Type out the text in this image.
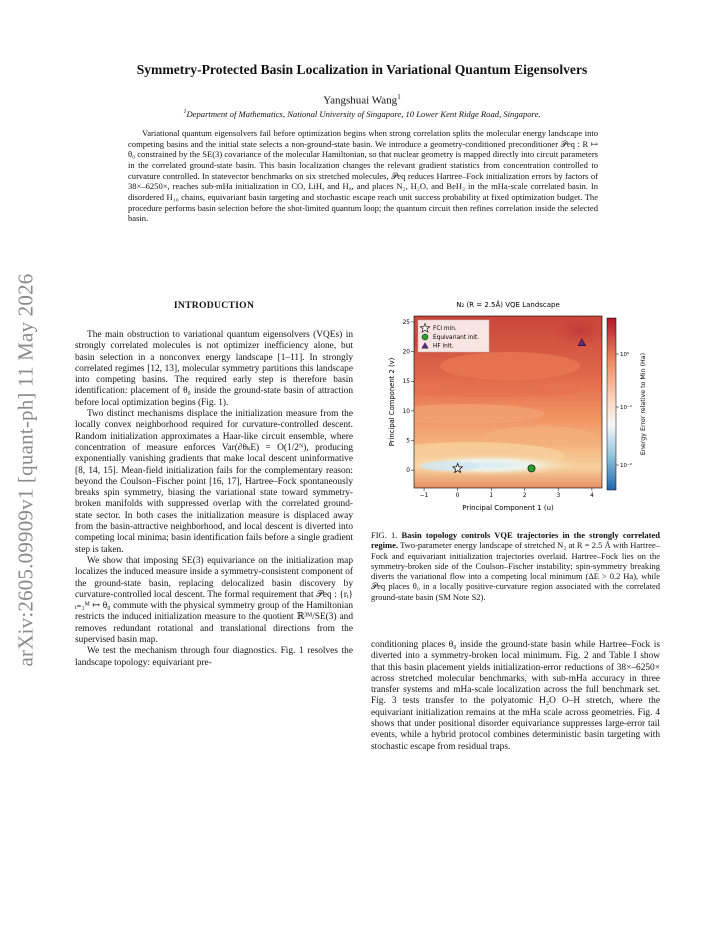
arXiv:2605.09909v1 [quant-ph] 11 May 2026
Symmetry-Protected Basin Localization in Variational Quantum Eigensolvers
Yangshuai Wang$^1$
$^1$Department of Mathematics, National University of Singapore, 10 Lower Kent Ridge Road, Singapore.

Variational quantum eigensolvers fail before optimization begins when strong correlation splits the molecular energy landscape into competing basins and the initial state selects a non-ground-state basin. We introduce a geometry-conditioned preconditioner 𝒫eq : R ↦ θ₀ constrained by the SE(3) covariance of the molecular Hamiltonian, so that nuclear geometry is mapped directly into circuit parameters in the correlated ground-state basin. This basin localization changes the relevant gradient statistics from concentration controlled to curvature controlled. In statevector benchmarks on six stretched molecules, 𝒫eq reduces Hartree–Fock initialization errors by factors of 38×–6250×, reaches sub-mHa initialization in CO, LiH, and H₈, and places N₂, H₂O, and BeH₂ in the mHa-scale correlated basin. In disordered H₁₀ chains, equivariant basin targeting and stochastic escape reach unit success probability at fixed optimization budget. The procedure performs basin selection before the shot-limited quantum loop; the quantum circuit then refines correlation inside the selected basin.

INTRODUCTION

The main obstruction to variational quantum eigensolvers (VQEs) in strongly correlated molecules is not optimizer inefficiency alone, but basin selection in a nonconvex energy landscape [1–11]. In strongly correlated regimes [12, 13], molecular symmetry partitions this landscape into competing basins. The required early step is therefore basin identification: placement of θ₀ inside the ground-state basin of attraction before local optimization begins (Fig. 1).

Two distinct mechanisms displace the initialization measure from the locally convex neighborhood required for curvature-controlled descent. Random initialization approximates a Haar-like circuit ensemble, where concentration of measure enforces Var(∂θₖE) = O(1/2ᴺ), producing exponentially vanishing gradients that make local descent uninformative [8, 14, 15]. Mean-field initialization fails for the complementary reason: beyond the Coulson–Fischer point [16, 17], Hartree–Fock spontaneously breaks spin symmetry, biasing the variational state toward symmetry-broken manifolds with suppressed overlap with the correlated ground-state sector. In both cases the initialization measure is displaced away from the basin-attractive neighborhood, and local descent is diverted into competing local minima; basin identification fails before a single gradient step is taken.

We show that imposing SE(3) equivariance on the initialization map localizes the induced measure inside a symmetry-consistent component of the ground-state basin, replacing delocalized basin discovery by curvature-controlled local descent. The formal requirement that 𝒫eq : {rᵢ}ᵢ₌₁ᴹ ↦ θ₀ commute with the physical symmetry group of the Hamiltonian restricts the induced initialization measure to the quotient ℝ³ᴹ/SE(3) and removes redundant rotational and translational directions from the supervised basin map.

We test the mechanism through four diagnostics. Fig. 1 resolves the landscape topology: equivariant pre-

N₂ (R = 2.5Å) VQE Landscape
−1	0	1	2	3	4
0
5
10
15
20
25
Principal Component 1 (u)
Principal Component 2 (v)
FCI min.
Equivariant init.
HF init.
10⁰
10⁻¹
10⁻²
Energy Error relative to Min (Ha)

FIG. 1. Basin topology controls VQE trajectories in the strongly correlated regime. Two-parameter energy landscape of stretched N₂ at R = 2.5 Å with Hartree–Fock and equivariant initialization trajectories overlaid. Hartree–Fock lies on the symmetry-broken side of the Coulson–Fischer instability; spin-symmetry breaking diverts the variational flow into a competing local minimum (ΔE > 0.2 Ha), while 𝒫eq places θ₀ in a locally positive-curvature region associated with the correlated ground-state basin (SM Note S2).

conditioning places θ₀ inside the ground-state basin while Hartree–Fock is diverted into a symmetry-broken local minimum. Fig. 2 and Table I show that this basin placement yields initialization-error reductions of 38×–6250× across stretched molecular benchmarks, with sub-mHa accuracy in three transfer systems and mHa-scale localization across the full benchmark set. Fig. 3 tests transfer to the polyatomic H₂O O–H stretch, where the equivariant initialization remains at the mHa scale across geometries. Fig. 4 shows that under positional disorder equivariance suppresses large-error tail events, while a hybrid protocol combines deterministic basin targeting with stochastic escape from residual traps.
